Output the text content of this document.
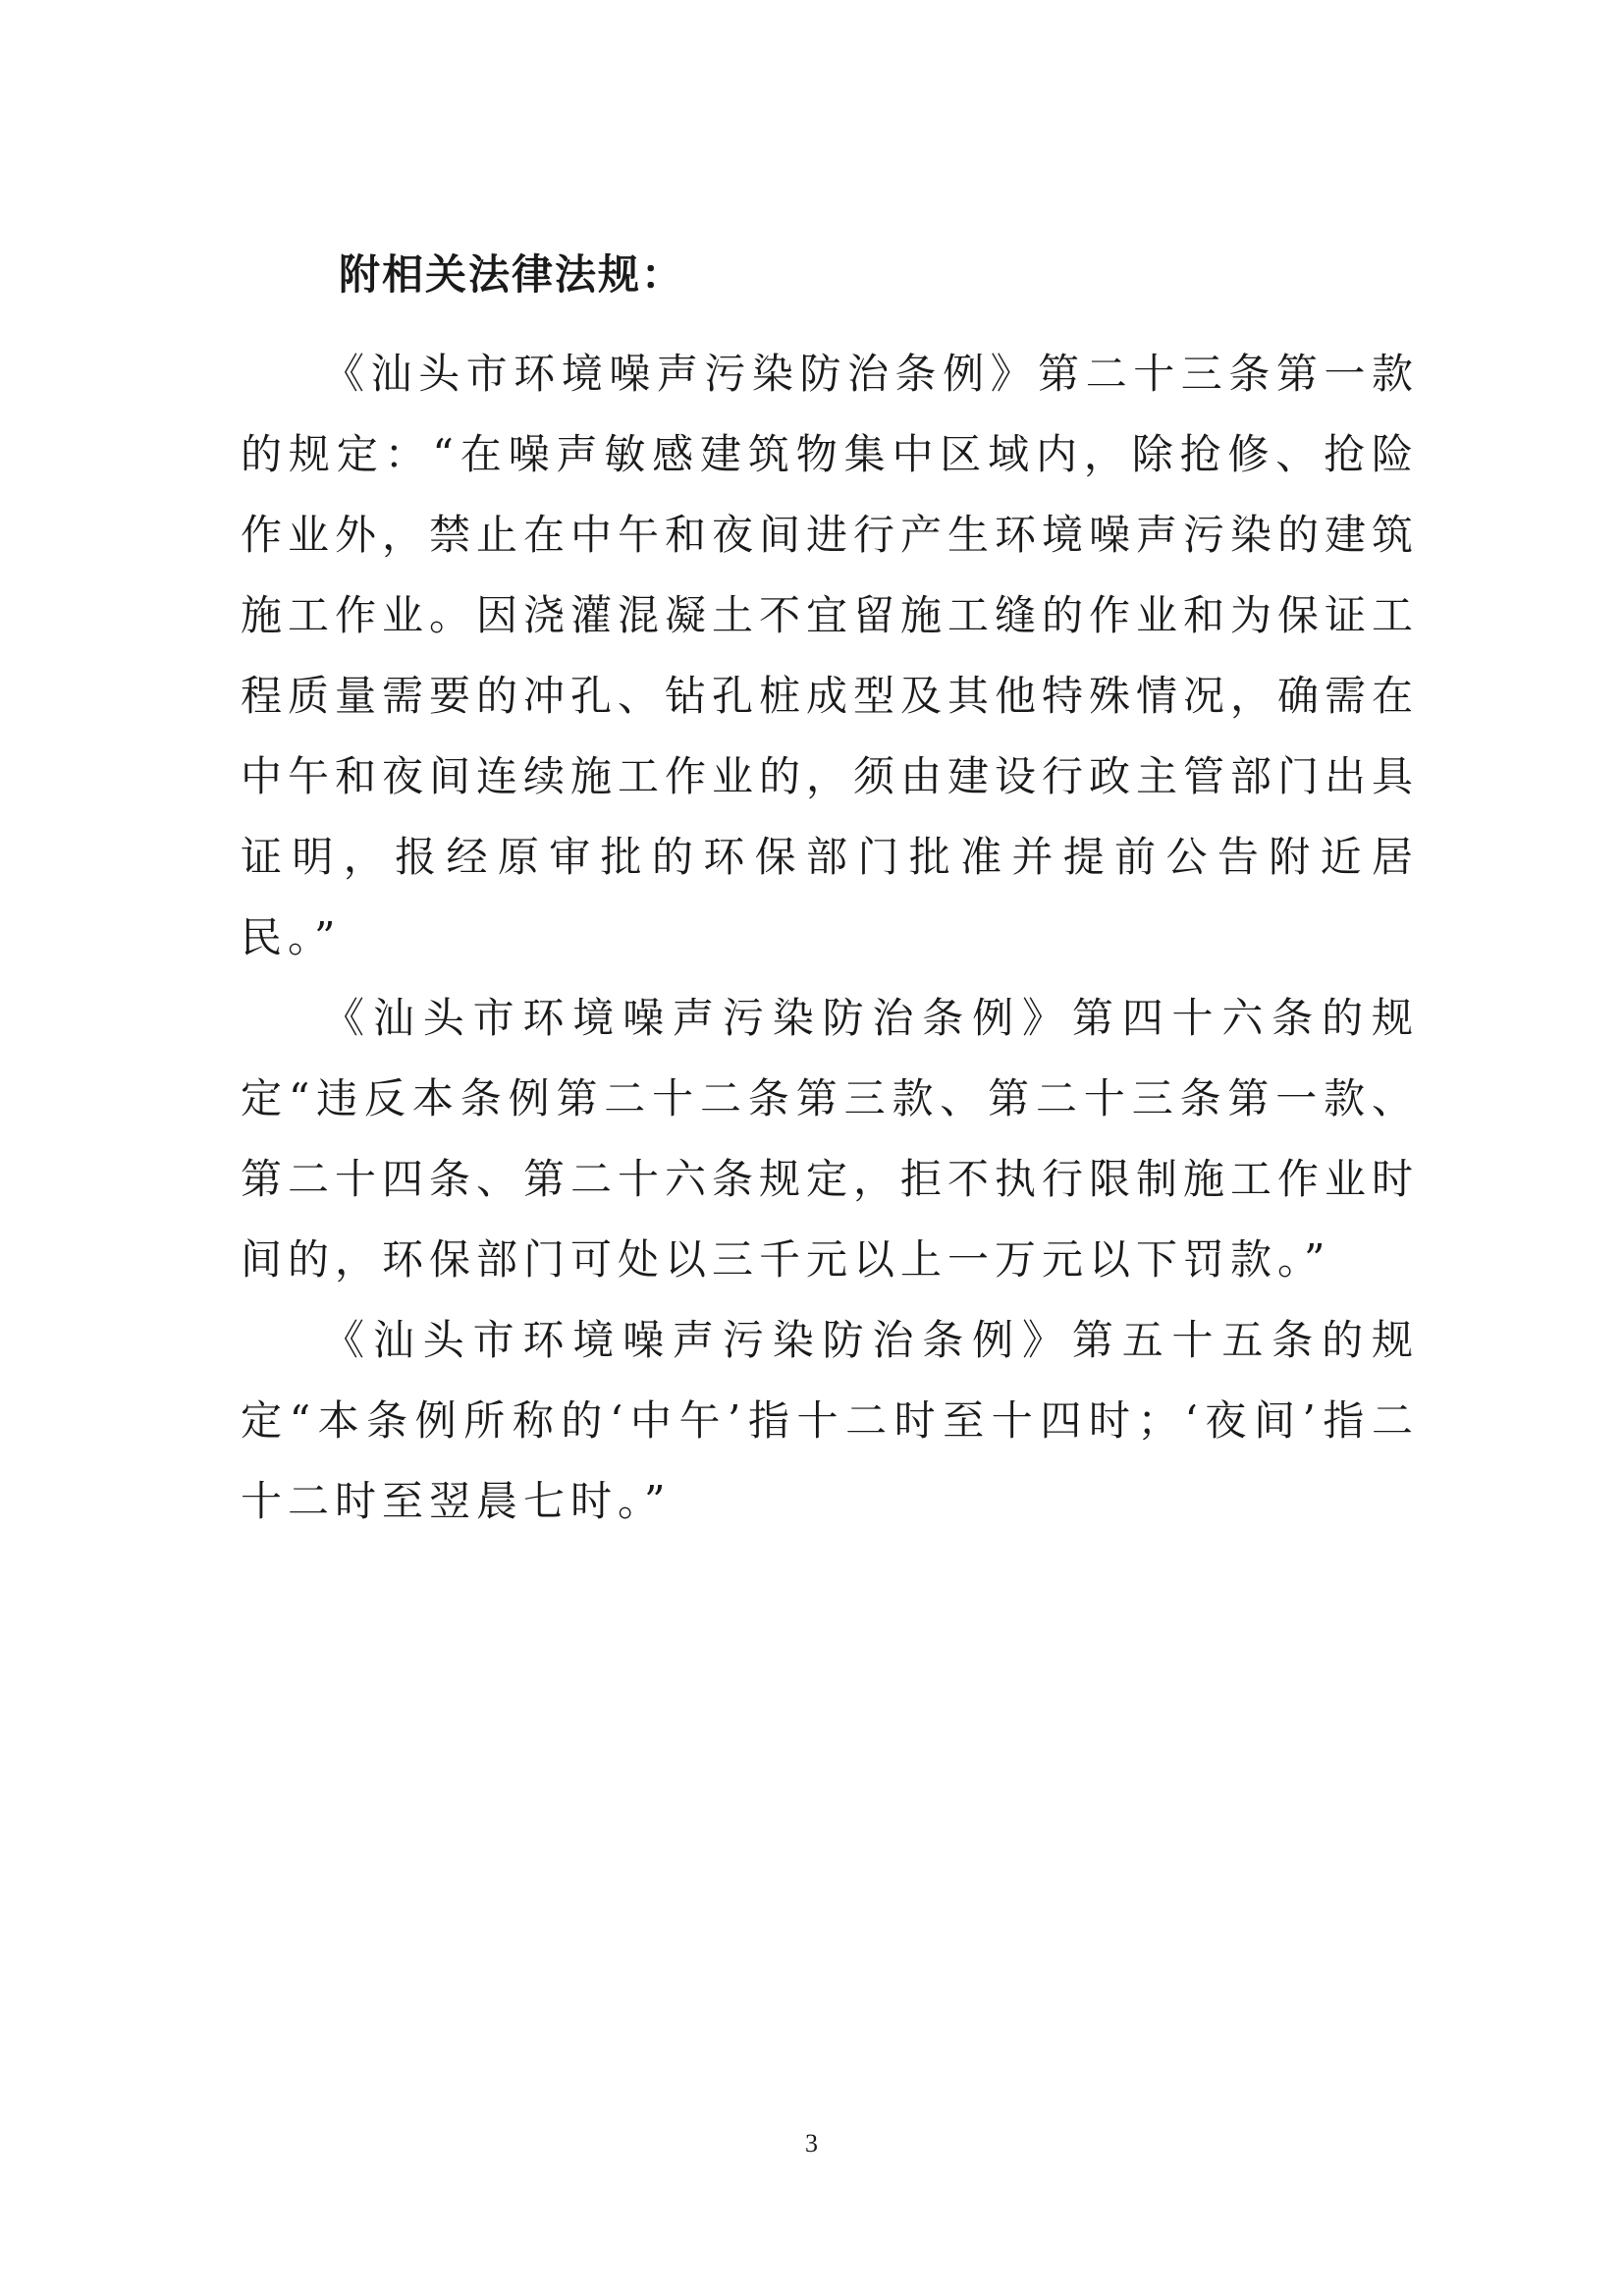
附相关法律法规：

《汕头市环境噪声污染防治条例》第二十三条第一款的规定：“在噪声敏感建筑物集中区域内，除抢修、抢险作业外，禁止在中午和夜间进行产生环境噪声污染的建筑施工作业。因浇灌混凝土不宜留施工缝的作业和为保证工程质量需要的冲孔、钻孔桩成型及其他特殊情况，确需在中午和夜间连续施工作业的，须由建设行政主管部门出具证明，报经原审批的环保部门批准并提前公告附近居民。”

《汕头市环境噪声污染防治条例》第四十六条的规定“违反本条例第二十二条第三款、第二十三条第一款、第二十四条、第二十六条规定，拒不执行限制施工作业时间的，环保部门可处以三千元以上一万元以下罚款。”

《汕头市环境噪声污染防治条例》第五十五条的规定“本条例所称的‘中午’指十二时至十四时；‘夜间’指二十二时至翌晨七时。”

3
